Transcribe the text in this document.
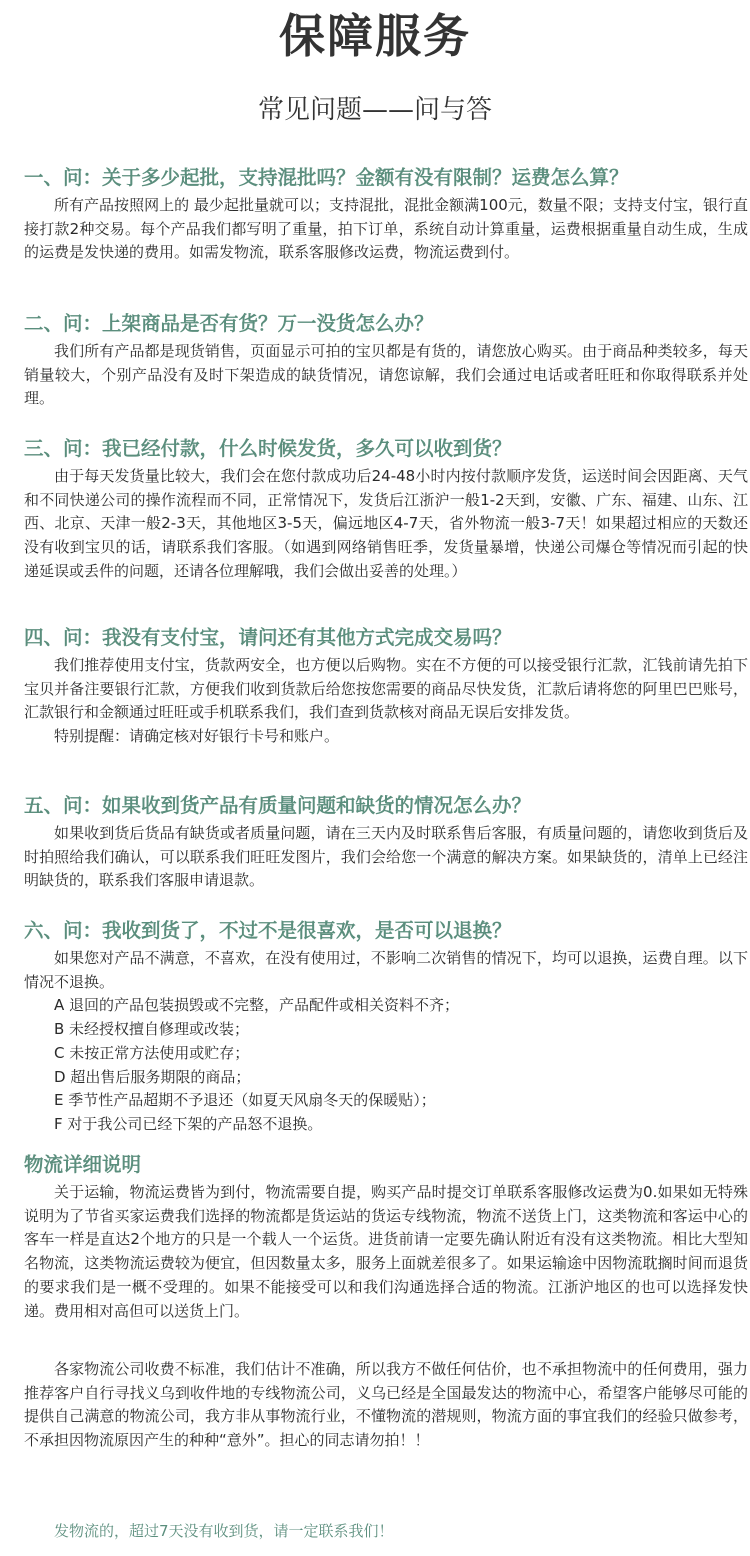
保障服务
常见问题——问与答
一、问：关于多少起批，支持混批吗？金额有没有限制？运费怎么算？

所有产品按照网上的 最少起批量就可以；支持混批，混批金额满100元，数量不限；支持支付宝，银行直接打款2种交易。每个产品我们都写明了重量，拍下订单，系统自动计算重量，运费根据重量自动生成，生成的运费是发快递的费用。如需发物流，联系客服修改运费，物流运费到付。

二、问：上架商品是否有货？万一没货怎么办？

我们所有产品都是现货销售，页面显示可拍的宝贝都是有货的，请您放心购买。由于商品种类较多，每天销量较大，个别产品没有及时下架造成的缺货情况，请您谅解，我们会通过电话或者旺旺和你取得联系并处理。

三、问：我已经付款，什么时候发货，多久可以收到货？

由于每天发货量比较大，我们会在您付款成功后24-48小时内按付款顺序发货，运送时间会因距离、天气和不同快递公司的操作流程而不同，正常情况下，发货后江浙沪一般1-2天到，安徽、广东、福建、山东、江西、北京、天津一般2-3天，其他地区3-5天，偏远地区4-7天，省外物流一般3-7天！如果超过相应的天数还没有收到宝贝的话，请联系我们客服。（如遇到网络销售旺季，发货量暴增，快递公司爆仓等情况而引起的快递延误或丢件的问题，还请各位理解哦，我们会做出妥善的处理。）

四、问：我没有支付宝，请问还有其他方式完成交易吗？

我们推荐使用支付宝，货款两安全，也方便以后购物。实在不方便的可以接受银行汇款，汇钱前请先拍下宝贝并备注要银行汇款，方便我们收到货款后给您按您需要的商品尽快发货，汇款后请将您的阿里巴巴账号，汇款银行和金额通过旺旺或手机联系我们，我们查到货款核对商品无误后安排发货。

特别提醒：请确定核对好银行卡号和账户。
五、问：如果收到货产品有质量问题和缺货的情况怎么办？

如果收到货后货品有缺货或者质量问题，请在三天内及时联系售后客服，有质量问题的，请您收到货后及时拍照给我们确认，可以联系我们旺旺发图片，我们会给您一个满意的解决方案。如果缺货的，清单上已经注明缺货的，联系我们客服申请退款。

六、问：我收到货了，不过不是很喜欢，是否可以退换？

如果您对产品不满意，不喜欢，在没有使用过，不影响二次销售的情况下，均可以退换，运费自理。以下情况不退换。

A 退回的产品包装损毁或不完整，产品配件或相关资料不齐；
B 未经授权擅自修理或改装；
C 未按正常方法使用或贮存；
D 超出售后服务期限的商品；
E 季节性产品超期不予退还（如夏天风扇冬天的保暖贴）；
F 对于我公司已经下架的产品怒不退换。
物流详细说明

关于运输，物流运费皆为到付，物流需要自提，购买产品时提交订单联系客服修改运费为0.如果如无特殊说明为了节省买家运费我们选择的物流都是货运站的货运专线物流，物流不送货上门，这类物流和客运中心的客车一样是直达2个地方的只是一个载人一个运货。进货前请一定要先确认附近有没有这类物流。相比大型知名物流，这类物流运费较为便宜，但因数量太多，服务上面就差很多了。如果运输途中因物流耽搁时间而退货的要求我们是一概不受理的。如果不能接受可以和我们沟通选择合适的物流。江浙沪地区的也可以选择发快递。费用相对高但可以送货上门。

各家物流公司收费不标准，我们估计不准确，所以我方不做任何估价，也不承担物流中的任何费用，强力推荐客户自行寻找义乌到收件地的专线物流公司，义乌已经是全国最发达的物流中心，希望客户能够尽可能的提供自己满意的物流公司，我方非从事物流行业，不懂物流的潜规则，物流方面的事宜我们的经验只做参考，不承担因物流原因产生的种种“意外”。担心的同志请勿拍！！

发物流的，超过7天没有收到货，请一定联系我们！
